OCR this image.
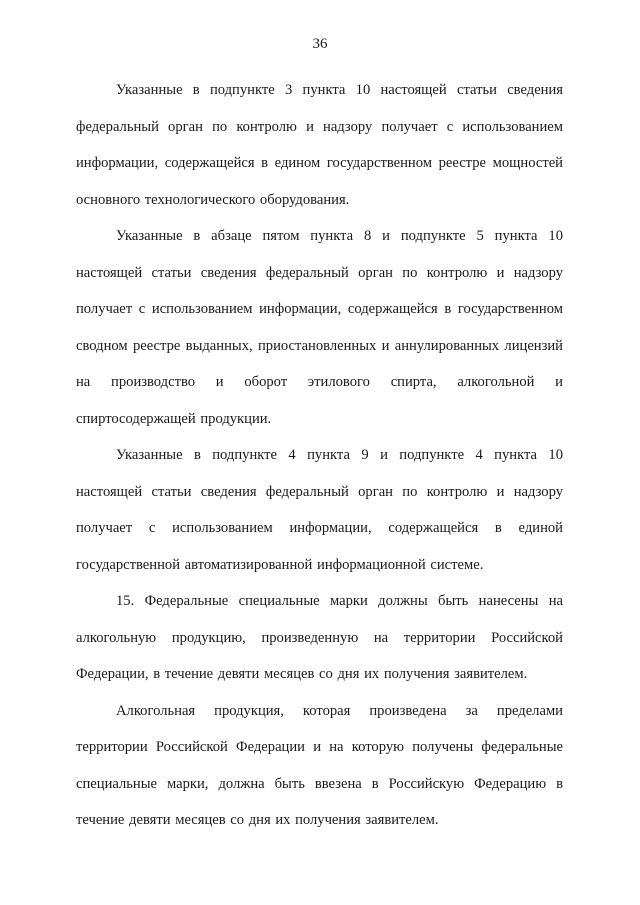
36

Указанные в подпункте 3 пункта 10 настоящей статьи сведения федеральный орган по контролю и надзору получает с использованием информации, содержащейся в едином государственном реестре мощностей основного технологического оборудования.

Указанные в абзаце пятом пункта 8 и подпункте 5 пункта 10 настоящей статьи сведения федеральный орган по контролю и надзору получает с использованием информации, содержащейся в государственном сводном реестре выданных, приостановленных и аннулированных лицензий на производство и оборот этилового спирта, алкогольной и спиртосодержащей продукции.

Указанные в подпункте 4 пункта 9 и подпункте 4 пункта 10 настоящей статьи сведения федеральный орган по контролю и надзору получает с использованием информации, содержащейся в единой государственной автоматизированной информационной системе.

15. Федеральные специальные марки должны быть нанесены на алкогольную продукцию, произведенную на территории Российской Федерации, в течение девяти месяцев со дня их получения заявителем.

Алкогольная продукция, которая произведена за пределами территории Российской Федерации и на которую получены федеральные специальные марки, должна быть ввезена в Российскую Федерацию в течение девяти месяцев со дня их получения заявителем.
